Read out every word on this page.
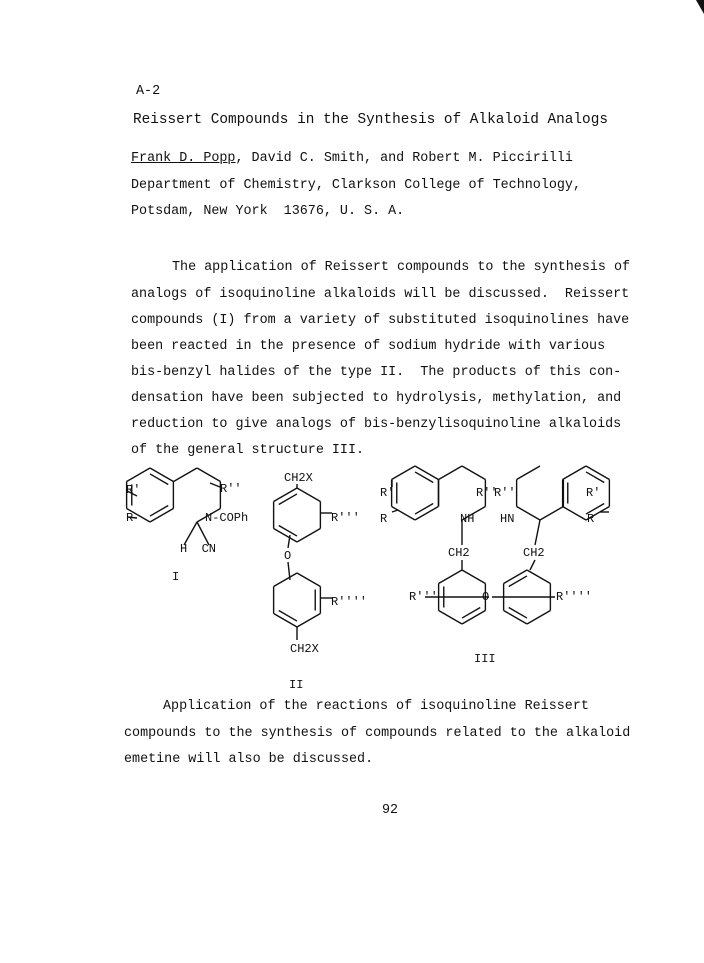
A-2
Reissert Compounds in the Synthesis of Alkaloid Analogs
Frank D. Popp, David C. Smith, and Robert M. Piccirilli
Department of Chemistry, Clarkson College of Technology,
Potsdam, New York  13676, U. S. A.
The application of Reissert compounds to the synthesis of
analogs of isoquinoline alkaloids will be discussed.  Reissert
compounds (I) from a variety of substituted isoquinolines have
been reacted in the presence of sodium hydride with various
bis-benzyl halides of the type II.  The products of this con-
densation have been subjected to hydrolysis, methylation, and
reduction to give analogs of bis-benzylisoquinoline alkaloids
of the general structure III.
R'
R
R''
N-COPh
H  CN
I
CH2X
R'''
O
R''''
CH2X
II
R'
R
R''
R''	R'
R
NH HN
CH2	CH2
R'''	O	R''''
III
Application of the reactions of isoquinoline Reissert
compounds to the synthesis of compounds related to the alkaloid
emetine will also be discussed.
92
